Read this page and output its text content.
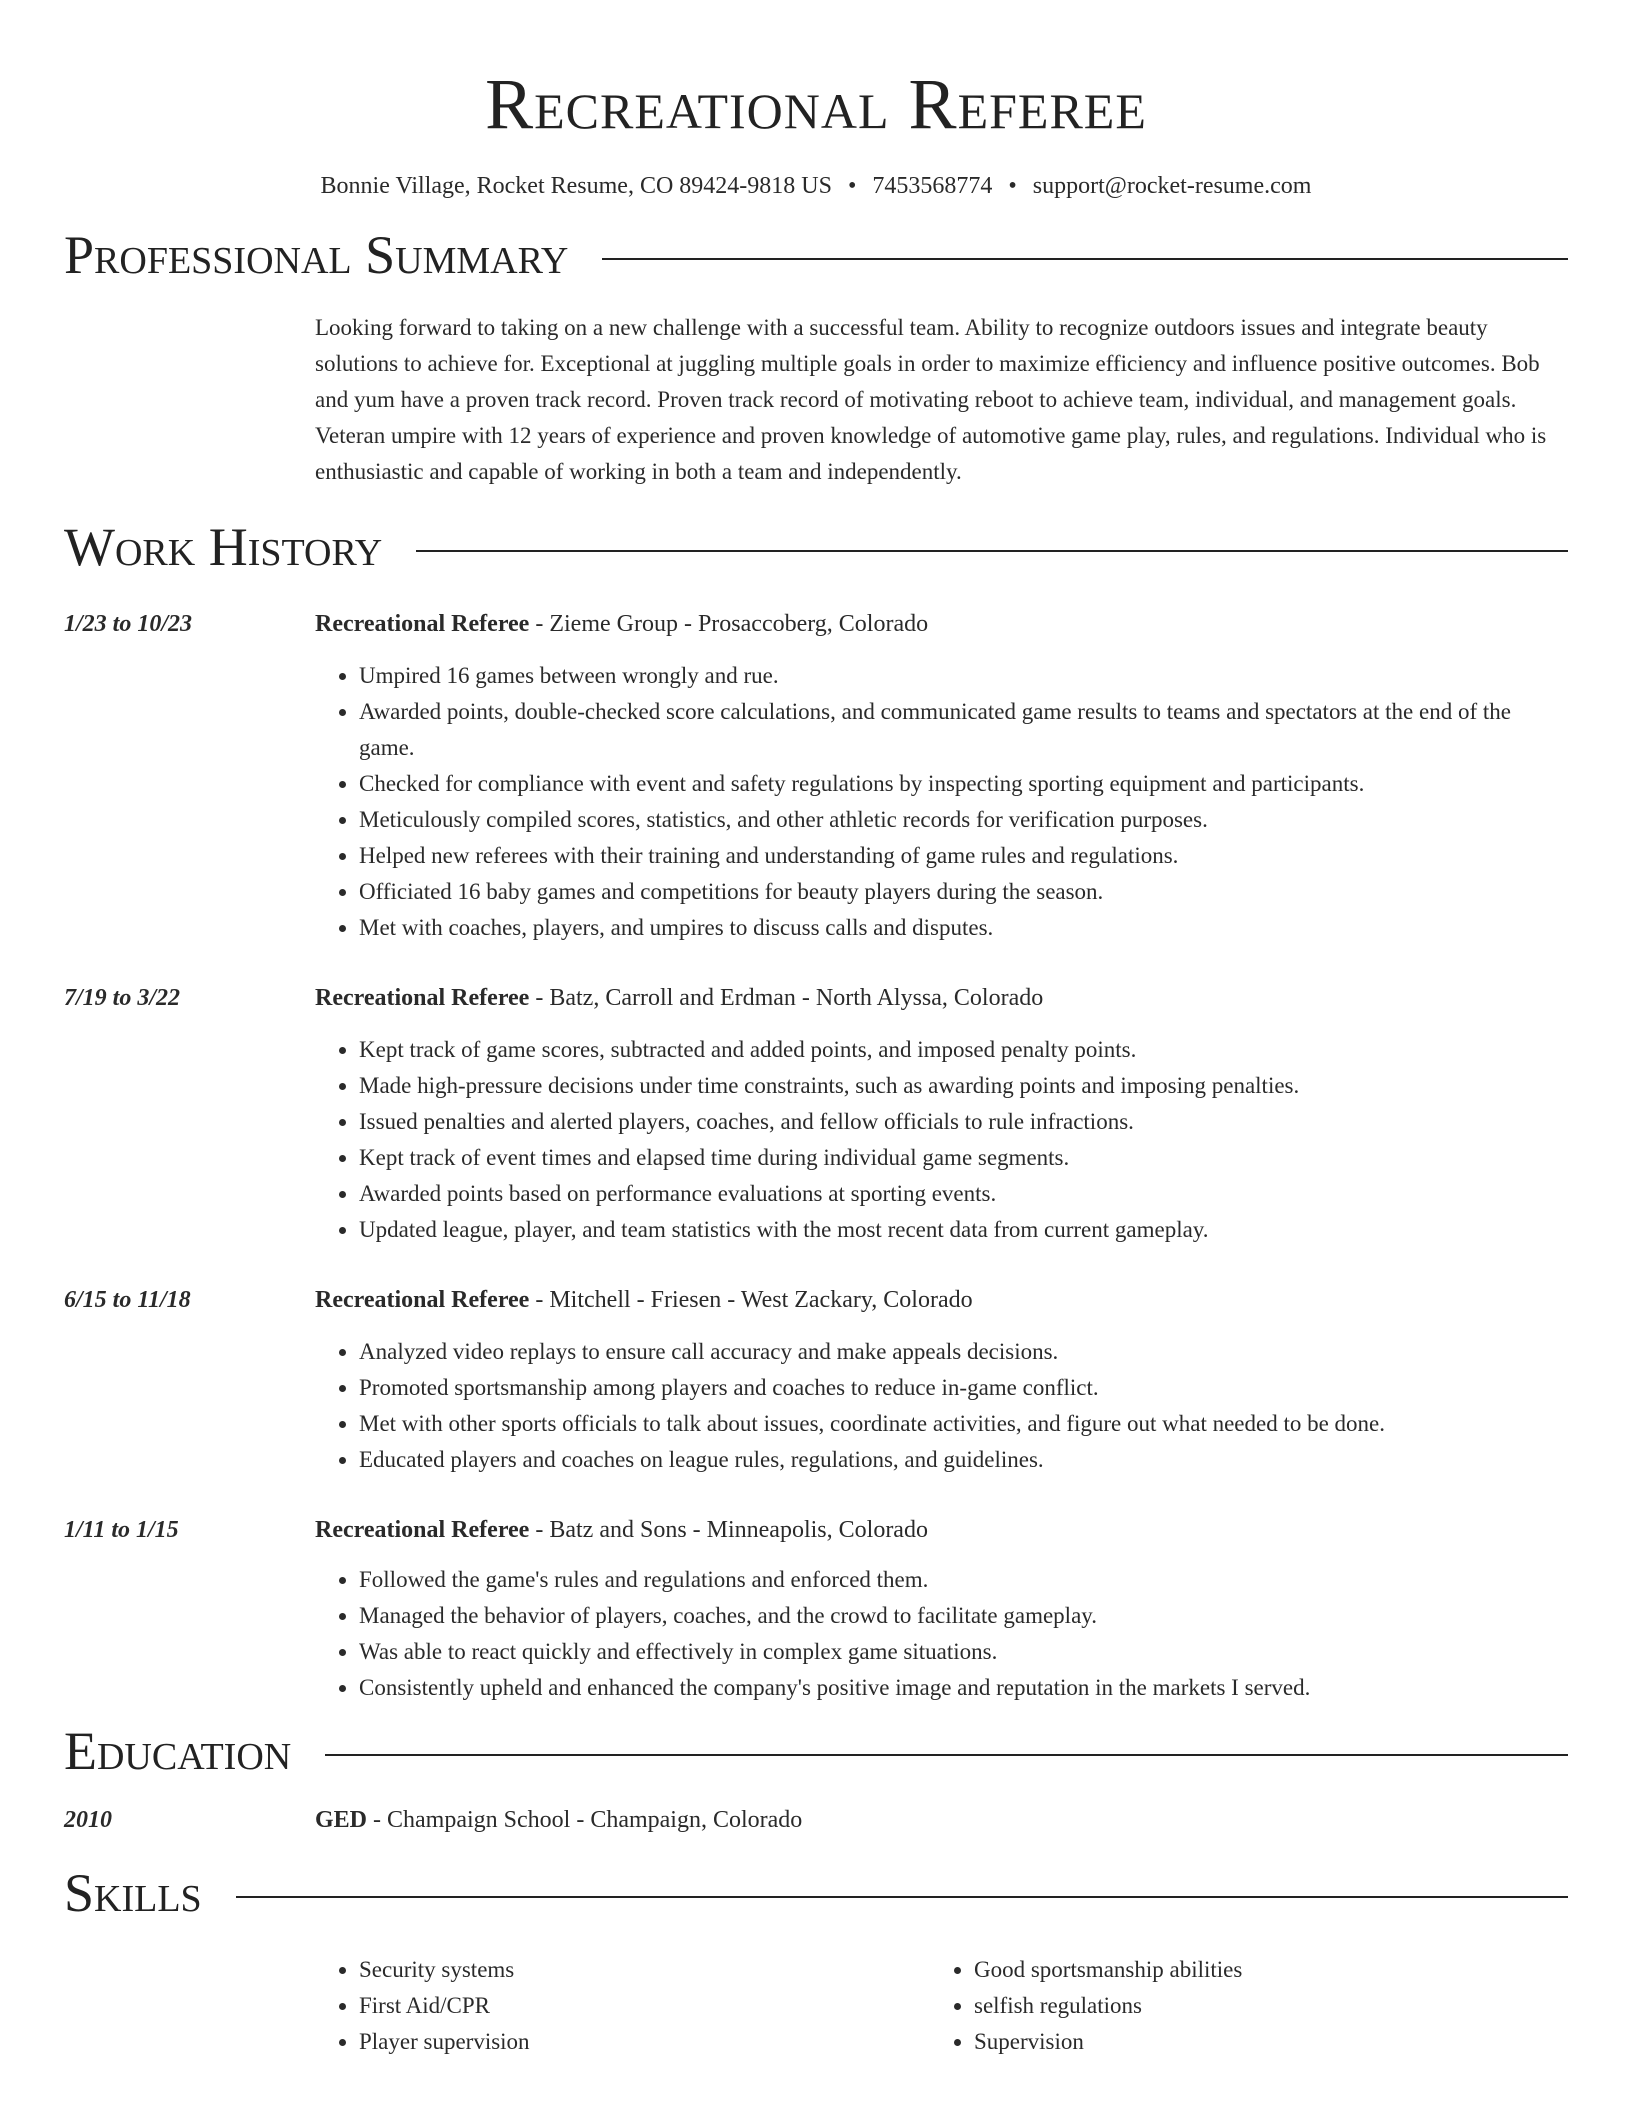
Recreational Referee
Bonnie Village, Rocket Resume, CO 89424-9818 US • 7453568774 • support@rocket-resume.com
Professional Summary

Looking forward to taking on a new challenge with a successful team. Ability to recognize outdoors issues and integrate beauty solutions to achieve for. Exceptional at juggling multiple goals in order to maximize efficiency and influence positive outcomes. Bob and yum have a proven track record. Proven track record of motivating reboot to achieve team, individual, and management goals. Veteran umpire with 12 years of experience and proven knowledge of automotive game play, rules, and regulations. Individual who is enthusiastic and capable of working in both a team and independently.

Work History
1/23 to 10/23	Recreational Referee - Zieme Group - Prosaccoberg, Colorado
• Umpired 16 games between wrongly and rue.
• Awarded points, double-checked score calculations, and communicated game results to teams and spectators at the end of the game.
• Checked for compliance with event and safety regulations by inspecting sporting equipment and participants.
• Meticulously compiled scores, statistics, and other athletic records for verification purposes.
• Helped new referees with their training and understanding of game rules and regulations.
• Officiated 16 baby games and competitions for beauty players during the season.
• Met with coaches, players, and umpires to discuss calls and disputes.
7/19 to 3/22	Recreational Referee - Batz, Carroll and Erdman - North Alyssa, Colorado
• Kept track of game scores, subtracted and added points, and imposed penalty points.
• Made high-pressure decisions under time constraints, such as awarding points and imposing penalties.
• Issued penalties and alerted players, coaches, and fellow officials to rule infractions.
• Kept track of event times and elapsed time during individual game segments.
• Awarded points based on performance evaluations at sporting events.
• Updated league, player, and team statistics with the most recent data from current gameplay.
6/15 to 11/18	Recreational Referee - Mitchell - Friesen - West Zackary, Colorado
• Analyzed video replays to ensure call accuracy and make appeals decisions.
• Promoted sportsmanship among players and coaches to reduce in-game conflict.
• Met with other sports officials to talk about issues, coordinate activities, and figure out what needed to be done.
• Educated players and coaches on league rules, regulations, and guidelines.
1/11 to 1/15	Recreational Referee - Batz and Sons - Minneapolis, Colorado
• Followed the game's rules and regulations and enforced them.
• Managed the behavior of players, coaches, and the crowd to facilitate gameplay.
• Was able to react quickly and effectively in complex game situations.
• Consistently upheld and enhanced the company's positive image and reputation in the markets I served.
Education
2010	GED - Champaign School - Champaign, Colorado
Skills
• Security systems
• First Aid/CPR
• Player supervision
• Good sportsmanship abilities
• selfish regulations
• Supervision
